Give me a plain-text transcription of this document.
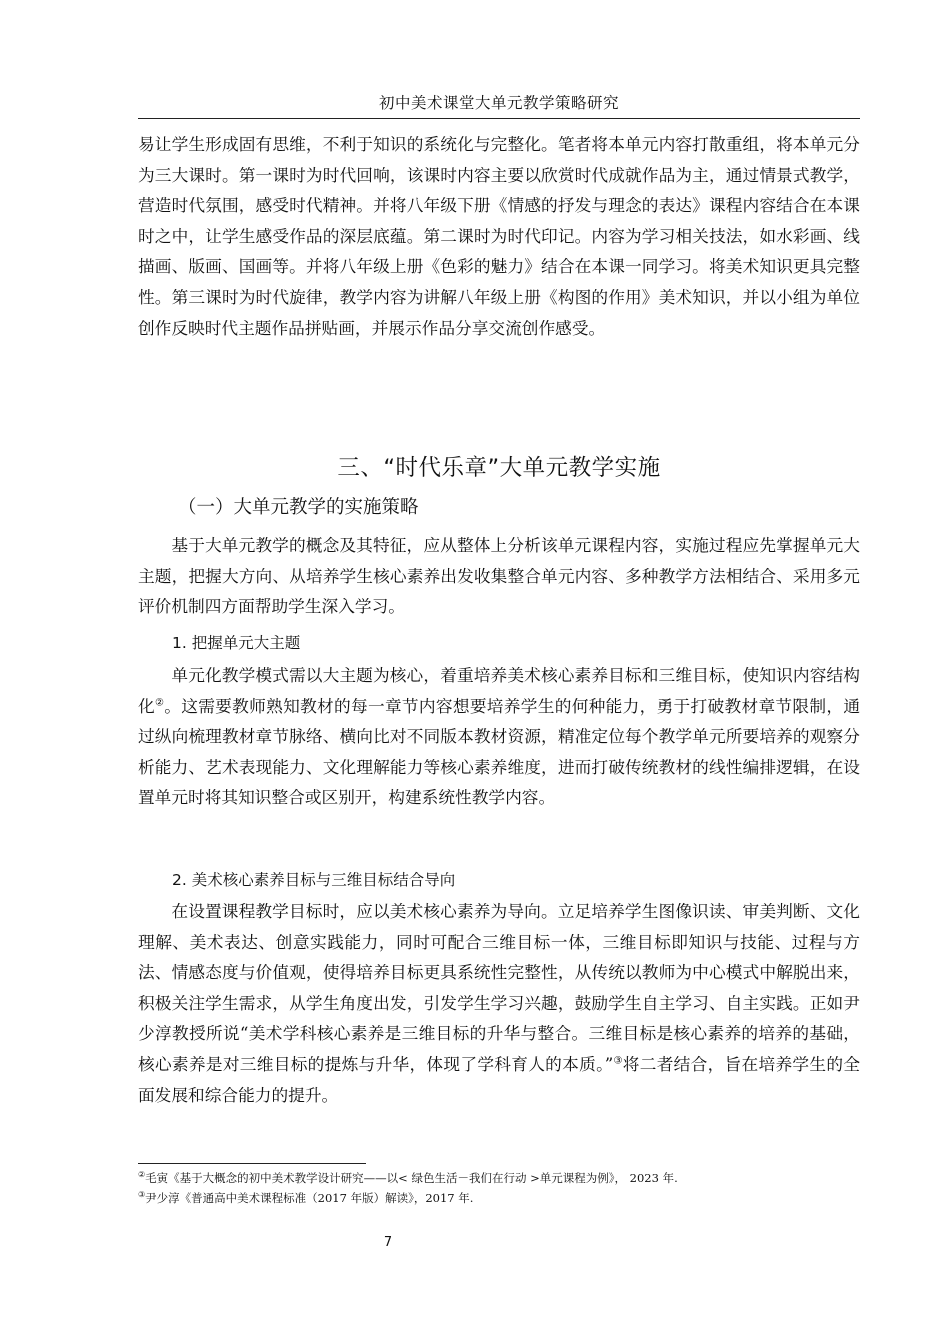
初中美术课堂大单元教学策略研究

易让学生形成固有思维，不利于知识的系统化与完整化。笔者将本单元内容打散重组，将本单元分为三大课时。第一课时为时代回响，该课时内容主要以欣赏时代成就作品为主，通过情景式教学，营造时代氛围，感受时代精神。并将八年级下册《情感的抒发与理念的表达》课程内容结合在本课时之中，让学生感受作品的深层底蕴。第二课时为时代印记。内容为学习相关技法，如水彩画、线描画、版画、国画等。并将八年级上册《色彩的魅力》结合在本课一同学习。将美术知识更具完整性。第三课时为时代旋律，教学内容为讲解八年级上册《构图的作用》美术知识，并以小组为单位创作反映时代主题作品拼贴画，并展示作品分享交流创作感受。

三、“时代乐章”大单元教学实施
（一）大单元教学的实施策略

基于大单元教学的概念及其特征，应从整体上分析该单元课程内容，实施过程应先掌握单元大主题，把握大方向、从培养学生核心素养出发收集整合单元内容、多种教学方法相结合、采用多元评价机制四方面帮助学生深入学习。

1. 把握单元大主题

单元化教学模式需以大主题为核心，着重培养美术核心素养目标和三维目标，使知识内容结构化②。这需要教师熟知教材的每一章节内容想要培养学生的何种能力，勇于打破教材章节限制，通过纵向梳理教材章节脉络、横向比对不同版本教材资源，精准定位每个教学单元所要培养的观察分析能力、艺术表现能力、文化理解能力等核心素养维度，进而打破传统教材的线性编排逻辑，在设置单元时将其知识整合或区别开，构建系统性教学内容。

2. 美术核心素养目标与三维目标结合导向

在设置课程教学目标时，应以美术核心素养为导向。立足培养学生图像识读、审美判断、文化理解、美术表达、创意实践能力，同时可配合三维目标一体，三维目标即知识与技能、过程与方法、情感态度与价值观，使得培养目标更具系统性完整性，从传统以教师为中心模式中解脱出来，积极关注学生需求，从学生角度出发，引发学生学习兴趣，鼓励学生自主学习、自主实践。正如尹少淳教授所说“美术学科核心素养是三维目标的升华与整合。三维目标是核心素养的培养的基础，核心素养是对三维目标的提炼与升华，体现了学科育人的本质。”③将二者结合，旨在培养学生的全面发展和综合能力的提升。

②毛寅《基于大概念的初中美术教学设计研究——以< 绿色生活－我们在行动 >单元课程为例》， 2023 年.

③尹少淳《普通高中美术课程标准（2017 年版）解读》，2017 年.

7
